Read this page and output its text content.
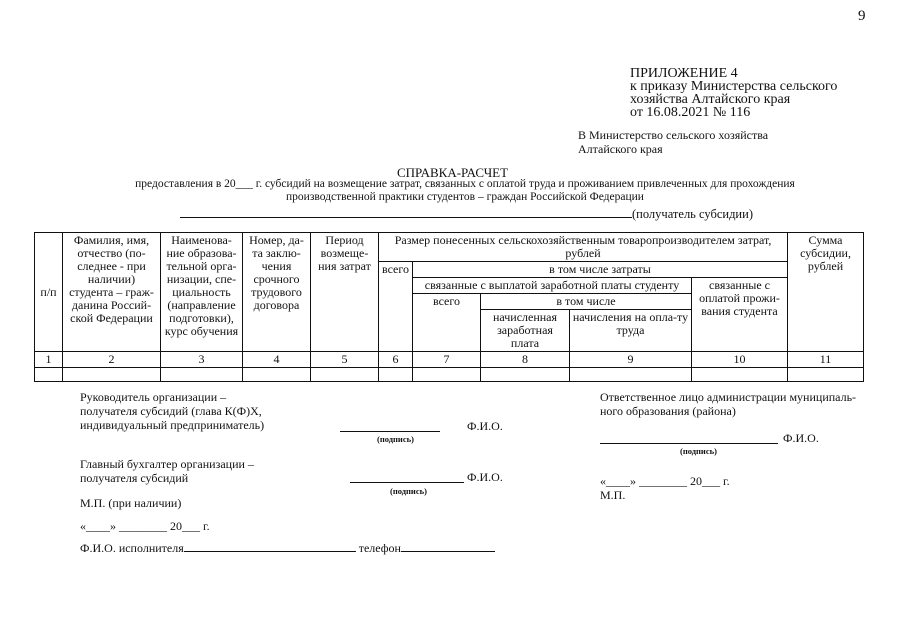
9
ПРИЛОЖЕНИЕ 4
к приказу Министерства сельского
хозяйства Алтайского края
от 16.08.2021 № 116
В Министерство сельского хозяйства
Алтайского края
СПРАВКА-РАСЧЕТ
предоставления в 20___ г. субсидий на возмещение затрат, связанных с оплатой труда и проживанием привлеченных для прохождения
производственной практики студентов – граждан Российской Федерации
(получатель субсидии)
п/п	Фамилия, имя, отчество (по-следнее - при наличии) студента – граж-данина Россий-ской Федерации	Наименова-ние образова-тельной орга-низации, спе-циальность (направление подготовки), курс обучения	Номер, да-та заклю-чения срочного трудового договора	Период возмеще-ния затрат	Размер понесенных сельскохозяйственным товаропроизводителем затрат, рублей					Сумма субсидии, рублей
					всего	в том числе затраты				
						связанные с выплатой заработной платы студенту			связанные с оплатой прожи-вания студента	
						всего	в том числе			
							начисленная заработная плата	начисления на опла-ту труда		
1	2	3	4	5	6	7	8	9	10	11

Руководитель организации –
получателя субсидий (глава К(Ф)Х,
индивидуальный предприниматель)
(подпись)
Ф.И.О.
Главный бухгалтер организации –
получателя субсидий
(подпись)
Ф.И.О.
М.П. (при наличии)
«____» ________ 20___ г.
Ф.И.О. исполнителя	телефон
Ответственное лицо администрации муниципаль-
ного образования (района)
Ф.И.О.
(подпись)
«____» ________ 20___ г.
М.П.
